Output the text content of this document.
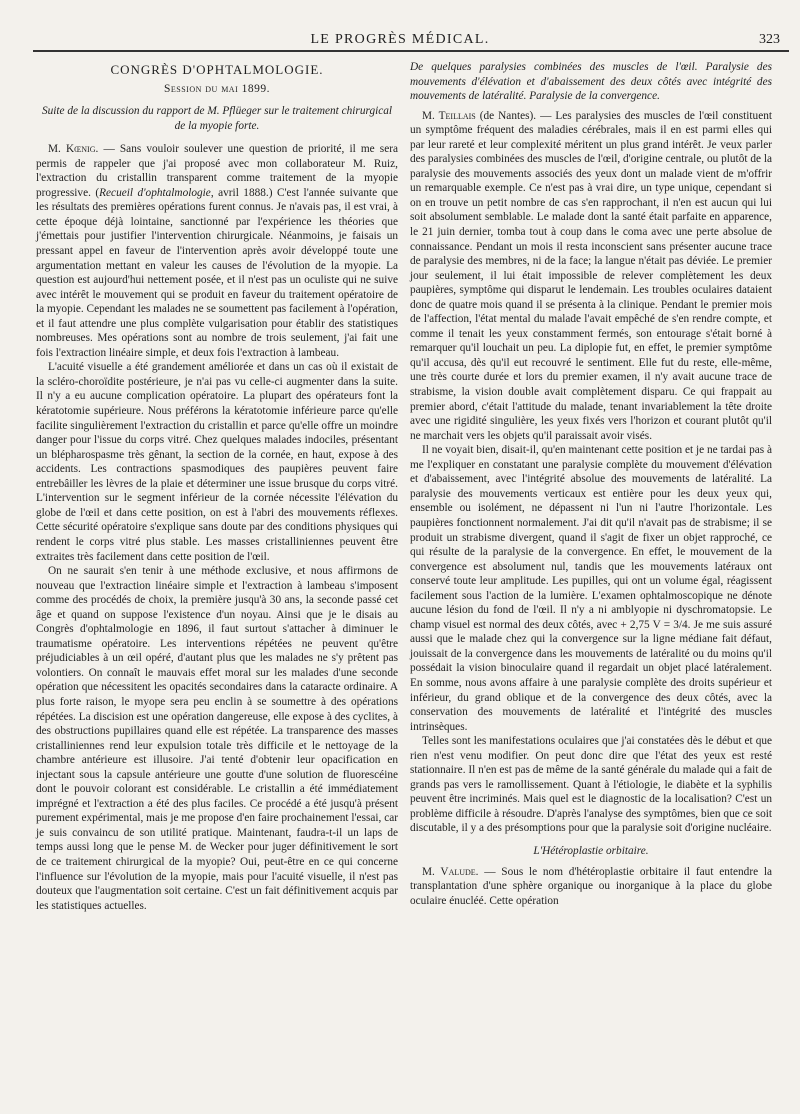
LE PROGRÈS MÉDICAL.	323

CONGRÈS D'OPHTALMOLOGIE.

Session du mai 1899.

Suite de la discussion du rapport de M. Pflüeger sur le traitement chirurgical de la myopie forte.

M. Kœnig. — Sans vouloir soulever une question de priorité, il me sera permis de rappeler que j'ai proposé avec mon collaborateur M. Ruiz, l'extraction du cristallin transparent comme traitement de la myopie progressive. (Recueil d'ophtalmologie, avril 1888.) C'est l'année suivante que les résultats des premières opérations furent connus. Je n'avais pas, il est vrai, à cette époque déjà lointaine, sanctionné par l'expérience les théories que j'émettais pour justifier l'intervention chirurgicale. Néanmoins, je faisais un pressant appel en faveur de l'intervention après avoir développé toute une argumentation mettant en valeur les causes de l'évolution de la myopie. La question est aujourd'hui nettement posée, et il n'est pas un oculiste qui ne suive avec intérêt le mouvement qui se produit en faveur du traitement opératoire de la myopie. Cependant les malades ne se soumettent pas facilement à l'opération, et il faut attendre une plus complète vulgarisation pour établir des statistiques nombreuses. Mes opérations sont au nombre de trois seulement, j'ai fait une fois l'extraction linéaire simple, et deux fois l'extraction à lambeau.

L'acuité visuelle a été grandement améliorée et dans un cas où il existait de la scléro-choroïdite postérieure, je n'ai pas vu celle-ci augmenter dans la suite. Il n'y a eu aucune complication opératoire. La plupart des opérateurs font la kératotomie supérieure. Nous préférons la kératotomie inférieure parce qu'elle facilite singulièrement l'extraction du cristallin et parce qu'elle offre un moindre danger pour l'issue du corps vitré. Chez quelques malades indociles, présentant un blépharospasme très gênant, la section de la cornée, en haut, expose à des accidents. Les contractions spasmodiques des paupières peuvent faire entrebâiller les lèvres de la plaie et déterminer une issue brusque du corps vitré. L'intervention sur le segment inférieur de la cornée nécessite l'élévation du globe de l'œil et dans cette position, on est à l'abri des mouvements réflexes. Cette sécurité opératoire s'explique sans doute par des conditions physiques qui rendent le corps vitré plus stable. Les masses cristalliniennes peuvent être extraites très facilement dans cette position de l'œil.

On ne saurait s'en tenir à une méthode exclusive, et nous affirmons de nouveau que l'extraction linéaire simple et l'extraction à lambeau s'imposent comme des procédés de choix, la première jusqu'à 30 ans, la seconde passé cet âge et quand on suppose l'existence d'un noyau. Ainsi que je le disais au Congrès d'ophtalmologie en 1896, il faut surtout s'attacher à diminuer le traumatisme opératoire. Les interventions répétées ne peuvent qu'être préjudiciables à un œil opéré, d'autant plus que les malades ne s'y prêtent pas volontiers. On connaît le mauvais effet moral sur les malades d'une seconde opération que nécessitent les opacités secondaires dans la cataracte ordinaire. A plus forte raison, le myope sera peu enclin à se soumettre à des opérations répétées. La discision est une opération dangereuse, elle expose à des cyclites, à des obstructions pupillaires quand elle est répétée. La transparence des masses cristalliniennes rend leur expulsion totale très difficile et le nettoyage de la chambre antérieure est illusoire. J'ai tenté d'obtenir leur opacification en injectant sous la capsule antérieure une goutte d'une solution de fluorescéine dont le pouvoir colorant est considérable. Le cristallin a été immédiatement imprégné et l'extraction a été des plus faciles. Ce procédé a été jusqu'à présent purement expérimental, mais je me propose d'en faire prochainement l'essai, car je suis convaincu de son utilité pratique. Maintenant, faudra-t-il un laps de temps aussi long que le pense M. de Wecker pour juger définitivement le sort de ce traitement chirurgical de la myopie? Oui, peut-être en ce qui concerne l'influence sur l'évolution de la myopie, mais pour l'acuité visuelle, il n'est pas douteux que l'augmentation soit certaine. C'est un fait définitivement acquis par les statistiques actuelles.

De quelques paralysies combinées des muscles de l'œil. Paralysie des mouvements d'élévation et d'abaissement des deux côtés avec intégrité des mouvements de latéralité. Paralysie de la convergence.

M. Teillais (de Nantes). — Les paralysies des muscles de l'œil constituent un symptôme fréquent des maladies cérébrales, mais il en est parmi elles qui par leur rareté et leur complexité méritent un plus grand intérêt. Je veux parler des paralysies combinées des muscles de l'œil, d'origine centrale, ou plutôt de la paralysie des mouvements associés des yeux dont un malade vient de m'offrir un remarquable exemple. Ce n'est pas à vrai dire, un type unique, cependant si on en trouve un petit nombre de cas s'en rapprochant, il n'en est aucun qui lui soit absolument semblable. Le malade dont la santé était parfaite en apparence, le 21 juin dernier, tomba tout à coup dans le coma avec une perte absolue de connaissance. Pendant un mois il resta inconscient sans présenter aucune trace de paralysie des membres, ni de la face; la langue n'était pas déviée. Le premier jour seulement, il lui était impossible de relever complètement les deux paupières, symptôme qui disparut le lendemain. Les troubles oculaires dataient donc de quatre mois quand il se présenta à la clinique. Pendant le premier mois de l'affection, l'état mental du malade l'avait empêché de s'en rendre compte, et comme il tenait les yeux constamment fermés, son entourage s'était borné à remarquer qu'il louchait un peu. La diplopie fut, en effet, le premier symptôme qu'il accusa, dès qu'il eut recouvré le sentiment. Elle fut du reste, elle-même, une très courte durée et lors du premier examen, il n'y avait aucune trace de strabisme, la vision double avait complètement disparu. Ce qui frappait au premier abord, c'était l'attitude du malade, tenant invariablement la tête droite avec une rigidité singulière, les yeux fixés vers l'horizon et courant plutôt qu'il ne marchait vers les objets qu'il paraissait avoir visés.

Il ne voyait bien, disait-il, qu'en maintenant cette position et je ne tardai pas à me l'expliquer en constatant une paralysie complète du mouvement d'élévation et d'abaissement, avec l'intégrité absolue des mouvements de latéralité. La paralysie des mouvements verticaux est entière pour les deux yeux qui, ensemble ou isolément, ne dépassent ni l'un ni l'autre l'horizontale. Les paupières fonctionnent normalement. J'ai dit qu'il n'avait pas de strabisme; il se produit un strabisme divergent, quand il s'agit de fixer un objet rapproché, ce qui résulte de la paralysie de la convergence. En effet, le mouvement de la convergence est absolument nul, tandis que les mouvements latéraux ont conservé toute leur amplitude. Les pupilles, qui ont un volume égal, réagissent facilement sous l'action de la lumière. L'examen ophtalmoscopique ne dénote aucune lésion du fond de l'œil. Il n'y a ni amblyopie ni dyschromatopsie. Le champ visuel est normal des deux côtés, avec + 2,75 V = 3/4. Je me suis assuré aussi que le malade chez qui la convergence sur la ligne médiane fait défaut, jouissait de la convergence dans les mouvements de latéralité ou du moins qu'il possédait la vision binoculaire quand il regardait un objet placé latéralement. En somme, nous avons affaire à une paralysie complète des droits supérieur et inférieur, du grand oblique et de la convergence des deux côtés, avec la conservation des mouvements de latéralité et l'intégrité des muscles intrinsèques.

Telles sont les manifestations oculaires que j'ai constatées dès le début et que rien n'est venu modifier. On peut donc dire que l'état des yeux est resté stationnaire. Il n'en est pas de même de la santé générale du malade qui a fait de grands pas vers le ramollissement. Quant à l'étiologie, le diabète et la syphilis peuvent être incriminés. Mais quel est le diagnostic de la localisation? C'est un problème difficile à résoudre. D'après l'analyse des symptômes, bien que ce soit discutable, il y a des présomptions pour que la paralysie soit d'origine nucléaire.

L'Hétéroplastie orbitaire.

M. Valude. — Sous le nom d'hétéroplastie orbitaire il faut entendre la transplantation d'une sphère organique ou inorganique à la place du globe oculaire énucléé. Cette opération
